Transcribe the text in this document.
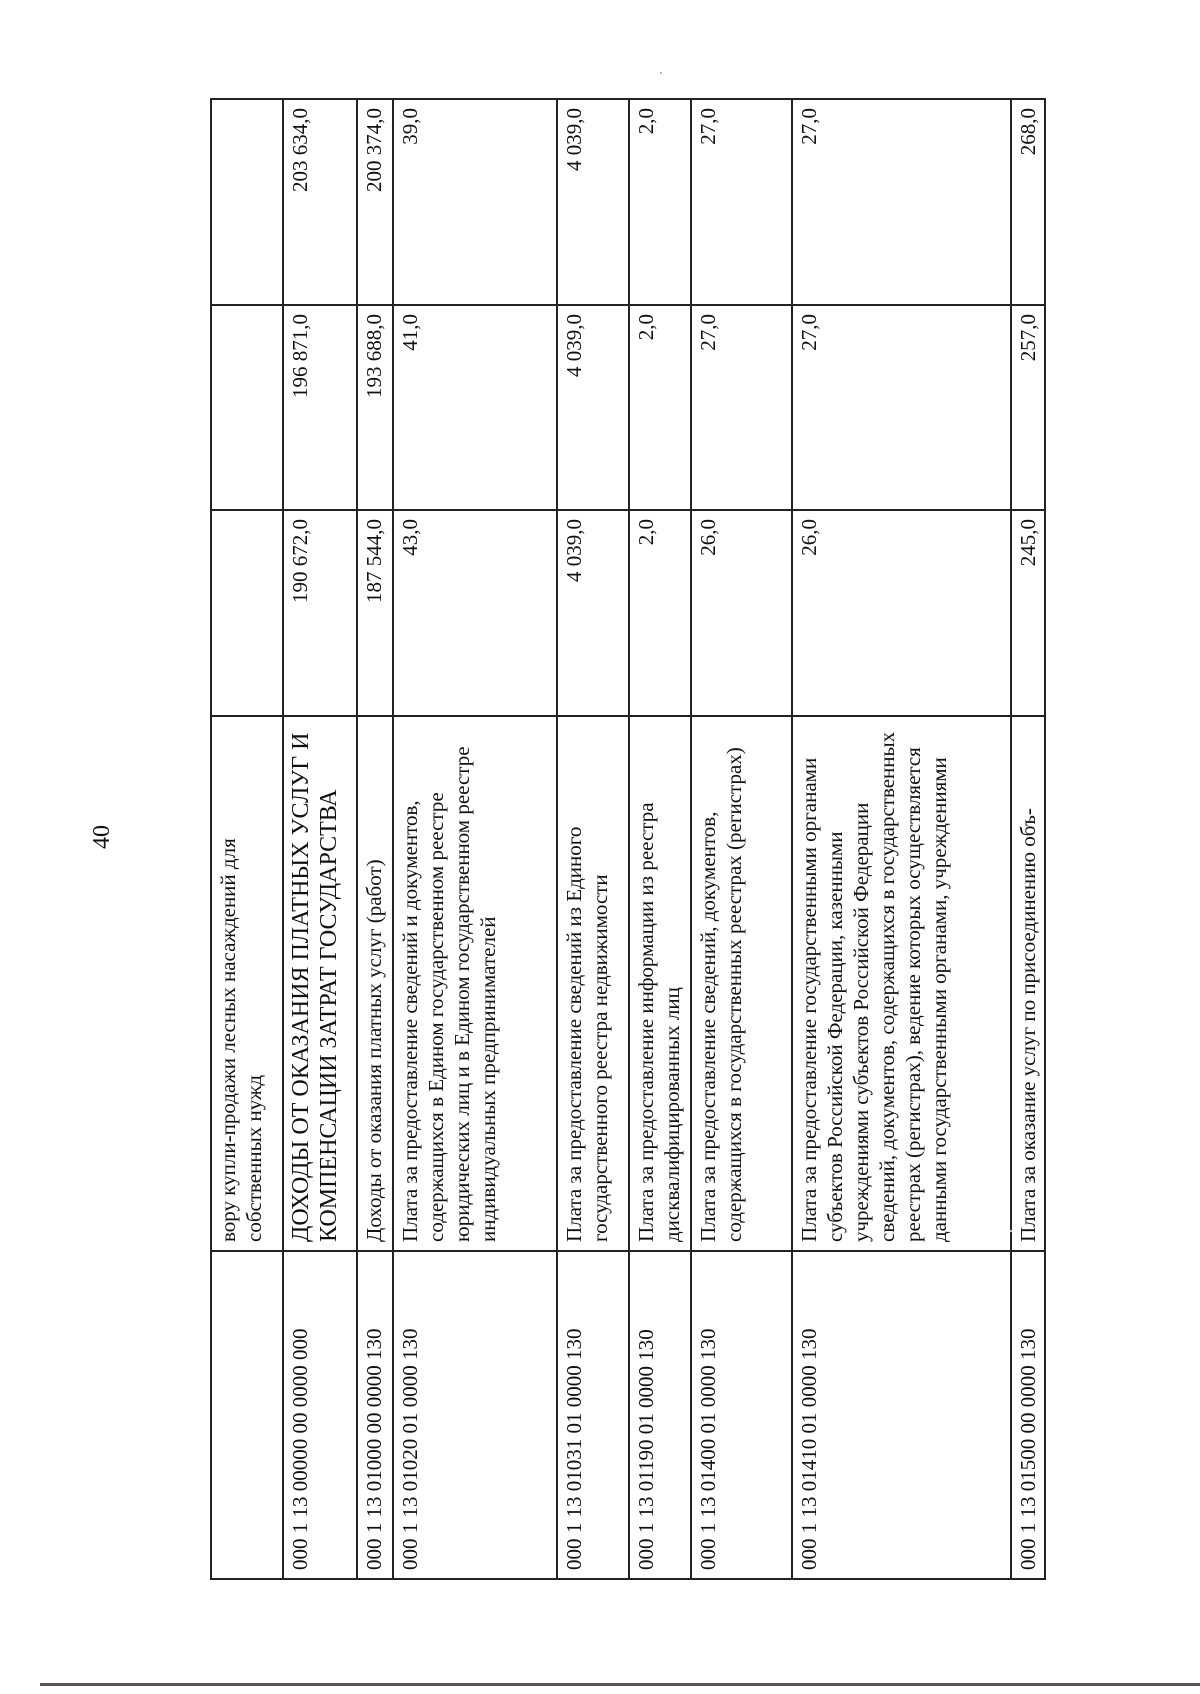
40
	вору купли-продажи лесных насаждений для собственных нужд			
000 1 13 00000 00 0000 000	ДОХОДЫ ОТ ОКАЗАНИЯ ПЛАТНЫХ УСЛУГ И КОМПЕНСАЦИИ ЗАТРАТ ГОСУДАРСТВА	190 672,0	196 871,0	203 634,0
000 1 13 01000 00 0000 130	Доходы от оказания платных услуг (работ)	187 544,0	193 688,0	200 374,0
000 1 13 01020 01 0000 130	Плата за предоставление сведений и документов, содержащихся в Едином государственном реестре юридических лиц и в Едином государственном реестре индивидуальных предпринимателей	43,0	41,0	39,0
000 1 13 01031 01 0000 130	Плата за предоставление сведений из Единого государственного реестра недвижимости	4 039,0	4 039,0	4 039,0
000 1 13 01190 01 0000 130	Плата за предоставление информации из реестра дисквалифицированных лиц	2,0	2,0	2,0
000 1 13 01400 01 0000 130	Плата за предоставление сведений, документов, содержащихся в государственных реестрах (регистрах)	26,0	27,0	27,0
000 1 13 01410 01 0000 130	Плата за предоставление государственными органами субъектов Российской Федерации, казенными учреждениями субъектов Российской Федерации сведений, документов, содержащихся в государственных реестрах (регистрах), ведение которых осуществляется данными государственными органами, учреждениями	26,0	27,0	27,0
000 1 13 01500 00 0000 130	Плата за оказание услуг по присоединению объ-	245,0	257,0	268,0
